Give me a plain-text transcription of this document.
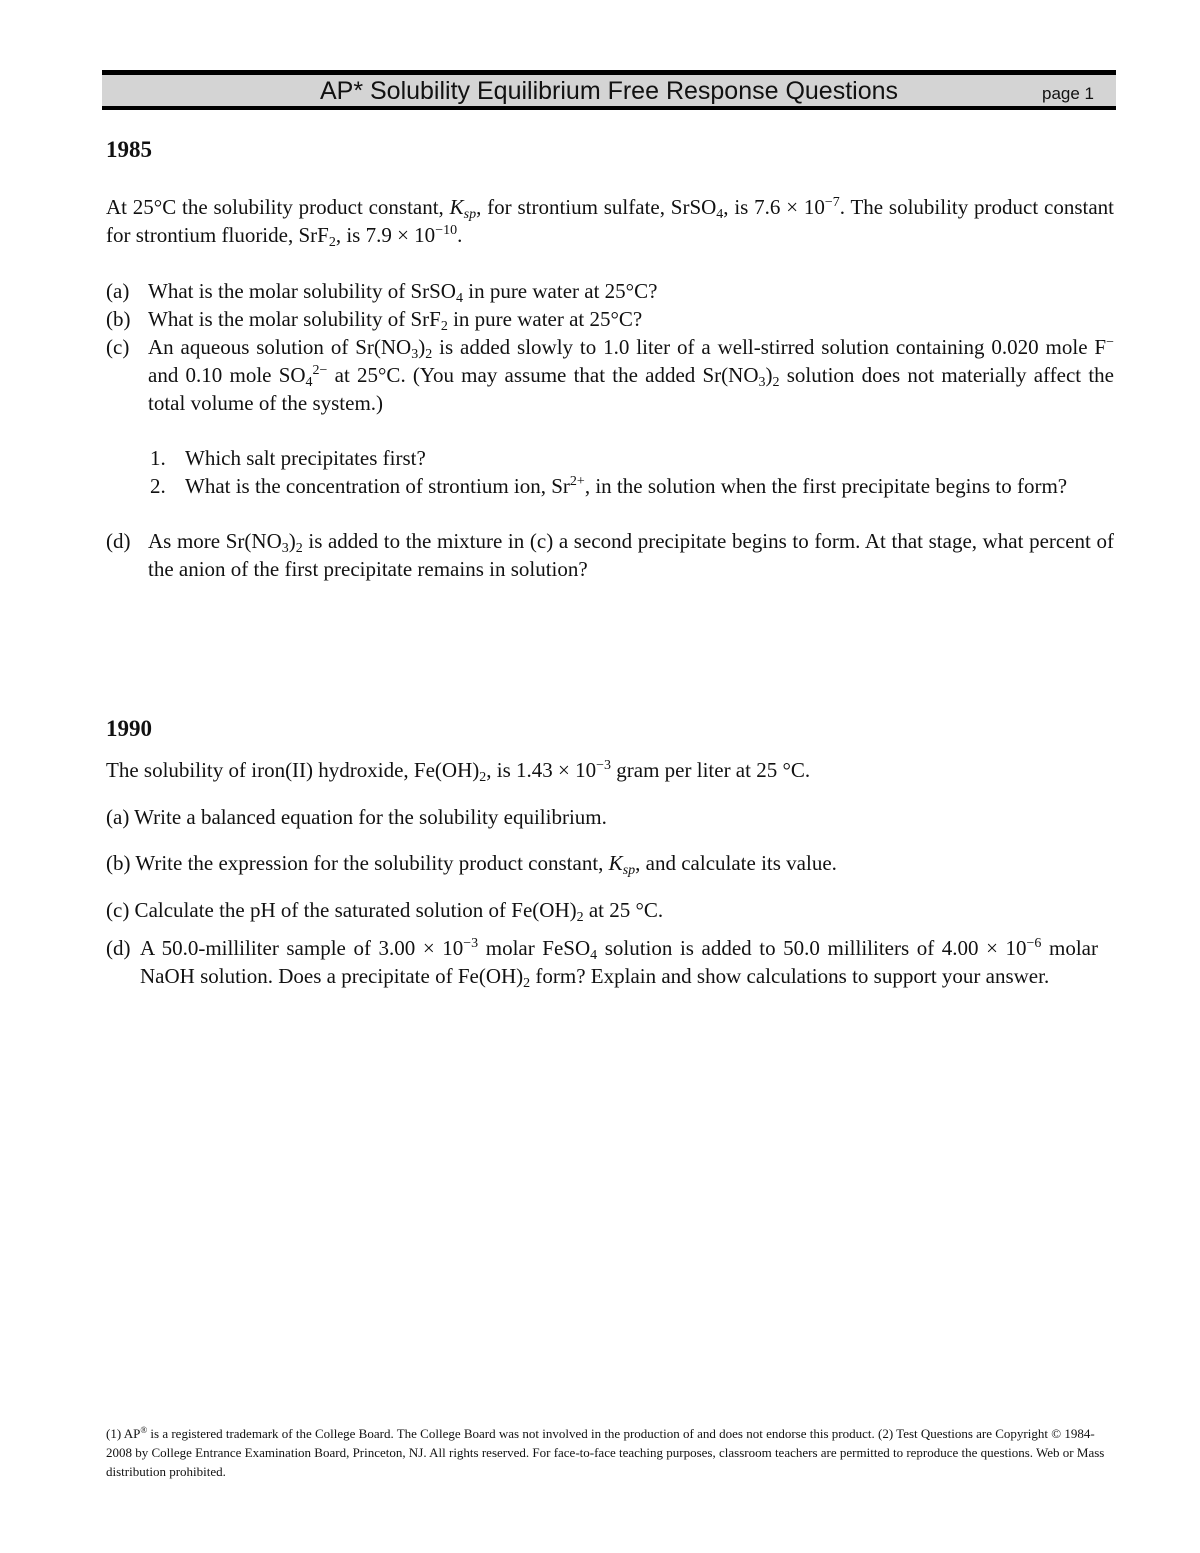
AP* Solubility Equilibrium Free Response Questions	page 1
1985
At 25°C the solubility product constant, $K_{sp}$, for strontium sulfate, SrSO$_4$, is $7.6 \times 10^{-7}$. The solubility product constant for strontium fluoride, SrF$_2$, is $7.9 \times 10^{-10}$.
(a) What is the molar solubility of SrSO$_4$ in pure water at 25°C?
(b) What is the molar solubility of SrF$_2$ in pure water at 25°C?
(c) An aqueous solution of $Sr(NO_3)_2$ is added slowly to 1.0 liter of a well-stirred solution containing 0.020 mole F− and 0.10 mole $SO_4^{2-}$ at 25°C. (You may assume that the added $Sr(NO_3)_2$ solution does not materially affect the total volume of the system.)
1. Which salt precipitates first?
2. What is the concentration of strontium ion, $Sr^{2+}$, in the solution when the first precipitate begins to form?
(d) As more $Sr(NO_3)_2$ is added to the mixture in (c) a second precipitate begins to form. At that stage, what percent of the anion of the first precipitate remains in solution?
1990
The solubility of iron(II) hydroxide, $Fe(OH)_2$, is $1.43 \times 10^{-3}$ gram per liter at 25 °C.
(a) Write a balanced equation for the solubility equilibrium.
(b) Write the expression for the solubility product constant, $K_{sp}$, and calculate its value.
(c) Calculate the pH of the saturated solution of $Fe(OH)_2$ at 25 °C.
(d) A 50.0-milliliter sample of $3.00 \times 10^{-3}$ molar FeSO$_4$ solution is added to 50.0 milliliters of $4.00 \times 10^{-6}$ molar NaOH solution. Does a precipitate of $Fe(OH)_2$ form? Explain and show calculations to support your answer.
(1) AP® is a registered trademark of the College Board. The College Board was not involved in the production of and does not endorse this product. (2) Test Questions are Copyright © 1984-2008 by College Entrance Examination Board, Princeton, NJ. All rights reserved. For face-to-face teaching purposes, classroom teachers are permitted to reproduce the questions. Web or Mass distribution prohibited.
